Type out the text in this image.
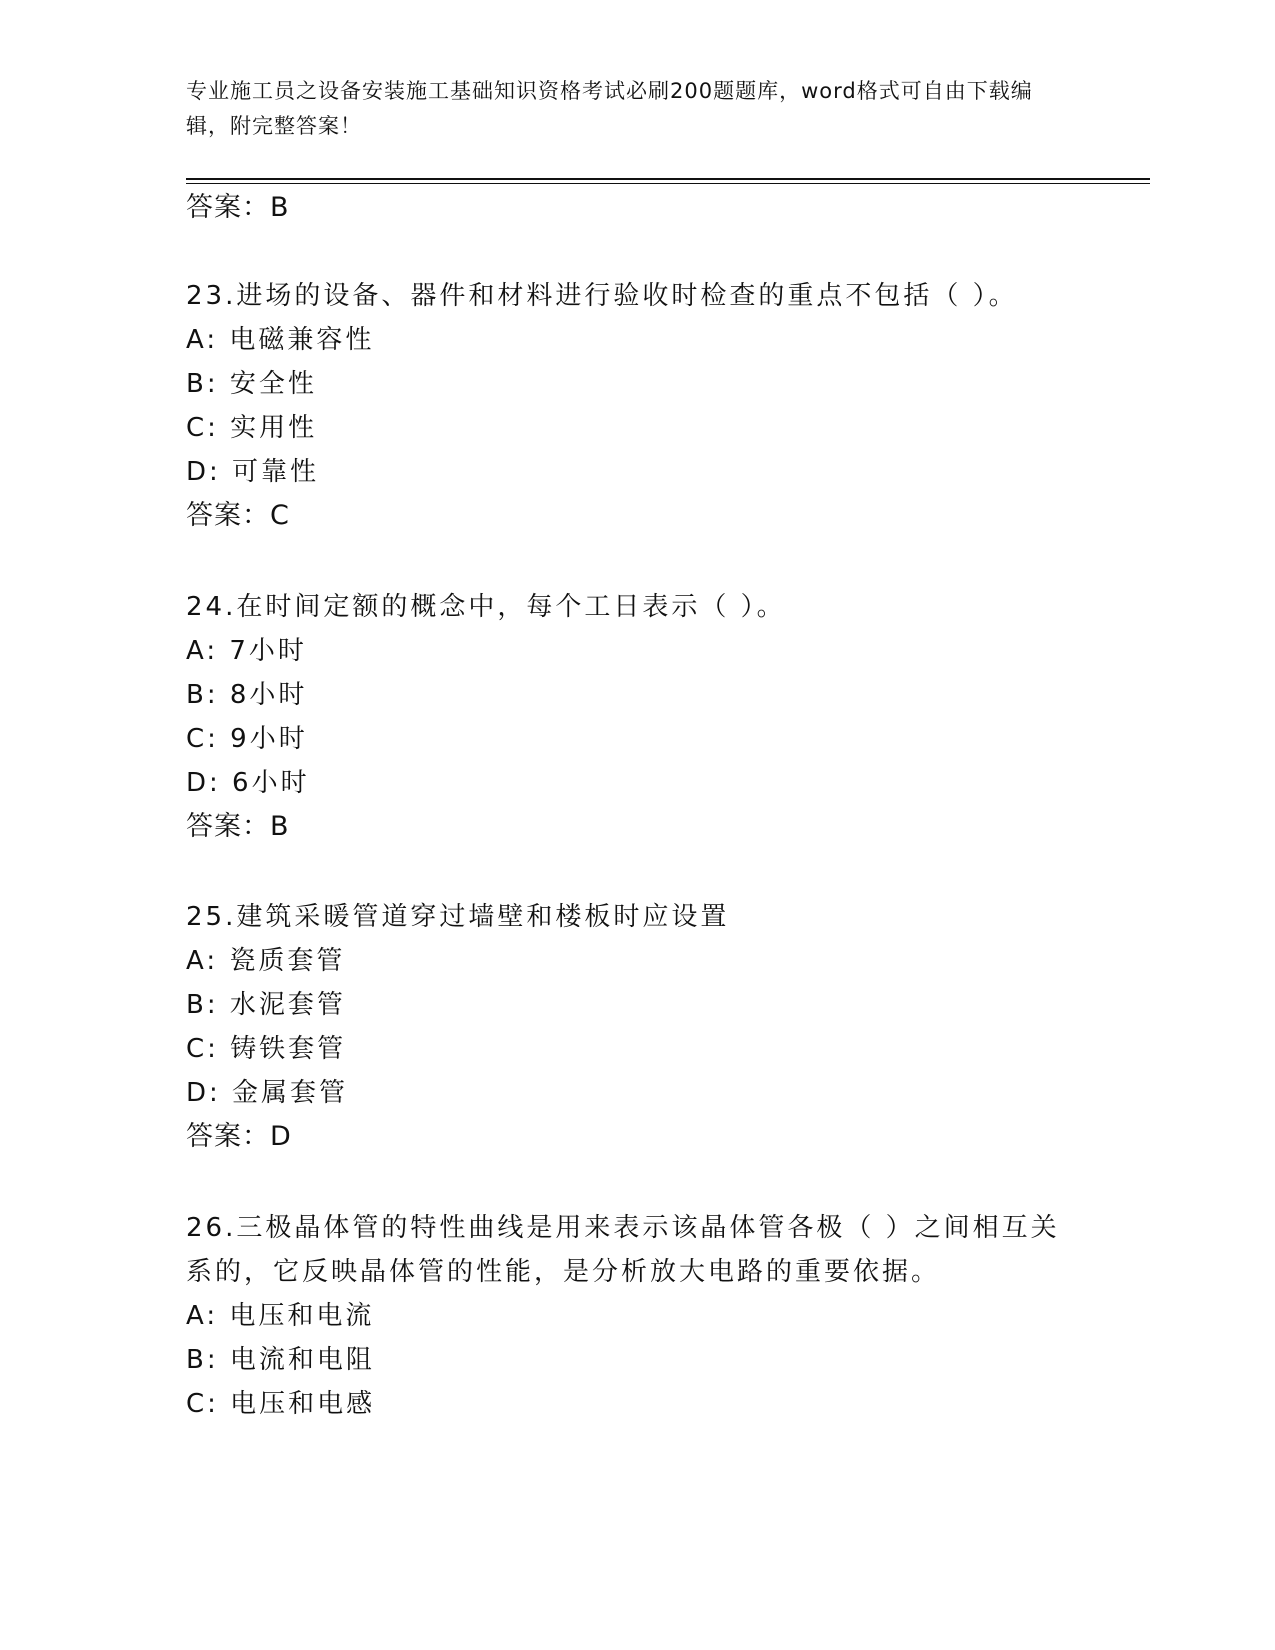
专业施工员之设备安装施工基础知识资格考试必刷200题题库，word格式可自由下载编辑，附完整答案！
答案：B
23.进场的设备、器件和材料进行验收时检查的重点不包括（ ）。
A: 电磁兼容性
B: 安全性
C: 实用性
D: 可靠性
答案：C
24.在时间定额的概念中，每个工日表示（ ）。
A: 7小时
B: 8小时
C: 9小时
D: 6小时
答案：B
25.建筑采暖管道穿过墙壁和楼板时应设置
A: 瓷质套管
B: 水泥套管
C: 铸铁套管
D: 金属套管
答案：D
26.三极晶体管的特性曲线是用来表示该晶体管各极（ ）之间相互关
系的，它反映晶体管的性能，是分析放大电路的重要依据。
A: 电压和电流
B: 电流和电阻
C: 电压和电感
